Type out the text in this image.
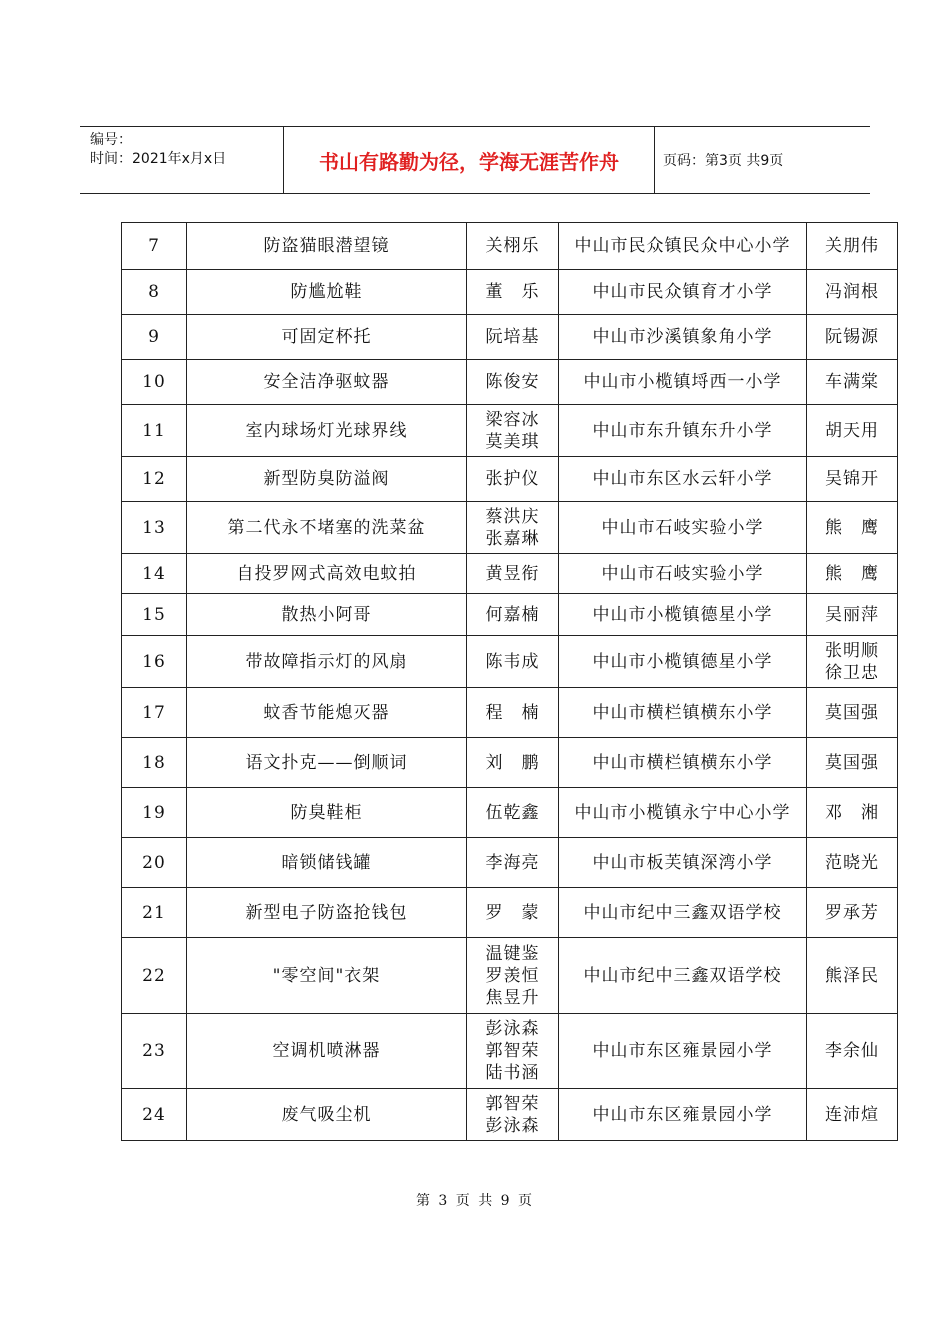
编号：
时间：2021年x月x日	书山有路勤为径，学海无涯苦作舟	页码：第3页 共9页
7	防盗猫眼潜望镜	关栩乐	中山市民众镇民众中心小学	关朋伟

8	防尴尬鞋	董　乐	中山市民众镇育才小学	冯润根

9	可固定杯托	阮培基	中山市沙溪镇象角小学	阮锡源

10	安全洁净驱蚊器	陈俊安	中山市小榄镇埒西一小学	车满棠

11	室内球场灯光球界线	梁容冰
莫美琪	中山市东升镇东升小学	胡天用

12	新型防臭防溢阀	张护仪	中山市东区水云轩小学	吴锦开

13	第二代永不堵塞的洗菜盆	蔡洪庆
张嘉琳	中山市石岐实验小学	熊　鹰

14	自投罗网式高效电蚊拍	黄昱衔	中山市石岐实验小学	熊　鹰

15	散热小阿哥	何嘉楠	中山市小榄镇德星小学	吴丽萍

16	带故障指示灯的风扇	陈韦成	中山市小榄镇德星小学	张明顺
徐卫忠

17	蚊香节能熄灭器	程　楠	中山市横栏镇横东小学	莫国强

18	语文扑克——倒顺词	刘　鹏	中山市横栏镇横东小学	莫国强

19	防臭鞋柜	伍乾鑫	中山市小榄镇永宁中心小学	邓　湘

20	暗锁储钱罐	李海亮	中山市板芙镇深湾小学	范晓光

21	新型电子防盗抢钱包	罗　蒙	中山市纪中三鑫双语学校	罗承芳

22	"零空间"衣架	温键鉴
罗羡恒
焦昱升	中山市纪中三鑫双语学校	熊泽民

23	空调机喷淋器	彭泳森
郭智荣
陆书涵	中山市东区雍景园小学	李余仙

24	废气吸尘机	郭智荣
彭泳森	中山市东区雍景园小学	连沛煊
第 3 页 共 9 页
